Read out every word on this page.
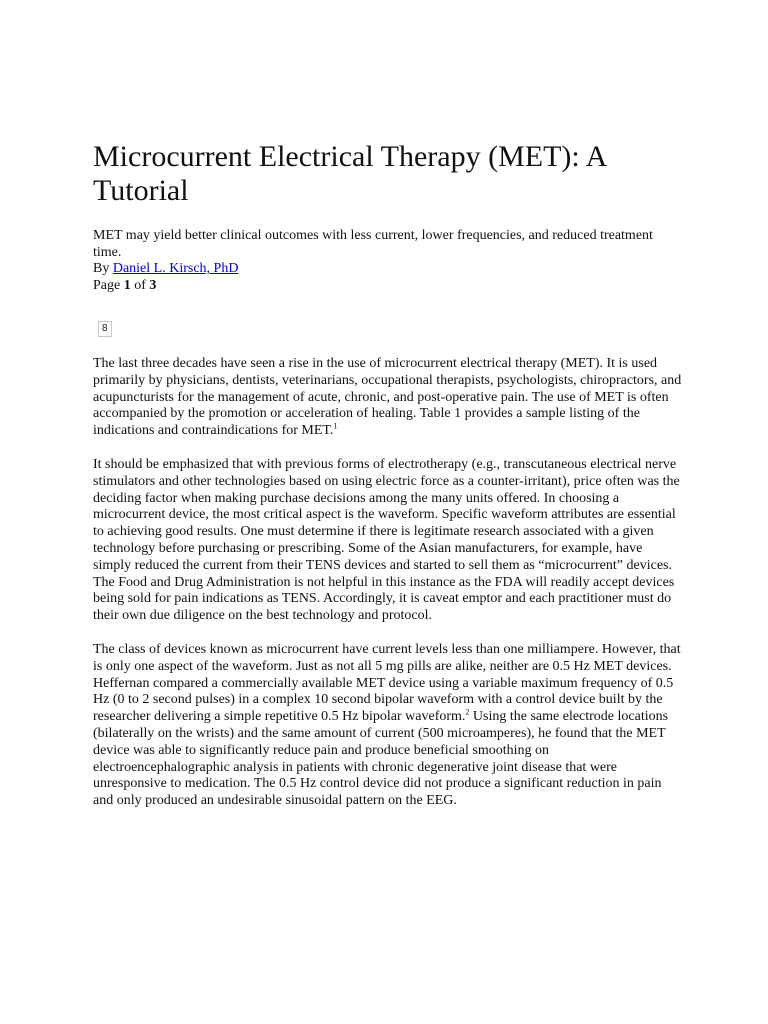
Microcurrent Electrical Therapy (MET): A Tutorial

MET may yield better clinical outcomes with less current, lower frequencies, and reduced treatment time.

By Daniel L. Kirsch, PhD

Page 1 of 3

8

The last three decades have seen a rise in the use of microcurrent electrical therapy (MET). It is used primarily by physicians, dentists, veterinarians, occupational therapists, psychologists, chiropractors, and acupuncturists for the management of acute, chronic, and post-operative pain. The use of MET is often accompanied by the promotion or acceleration of healing. Table 1 provides a sample listing of the indications and contraindications for MET.$^1$

It should be emphasized that with previous forms of electrotherapy (e.g., transcutaneous electrical nerve stimulators and other technologies based on using electric force as a counter-irritant), price often was the deciding factor when making purchase decisions among the many units offered. In choosing a microcurrent device, the most critical aspect is the waveform. Specific waveform attributes are essential to achieving good results. One must determine if there is legitimate research associated with a given technology before purchasing or prescribing. Some of the Asian manufacturers, for example, have simply reduced the current from their TENS devices and started to sell them as “microcurrent” devices. The Food and Drug Administration is not helpful in this instance as the FDA will readily accept devices being sold for pain indications as TENS. Accordingly, it is caveat emptor and each practitioner must do their own due diligence on the best technology and protocol.

The class of devices known as microcurrent have current levels less than one milliampere. However, that is only one aspect of the waveform. Just as not all 5 mg pills are alike, neither are 0.5 Hz MET devices. Heffernan compared a commercially available MET device using a variable maximum frequency of 0.5 Hz (0 to 2 second pulses) in a complex 10 second bipolar waveform with a control device built by the researcher delivering a simple repetitive 0.5 Hz bipolar waveform.$^2$ Using the same electrode locations (bilaterally on the wrists) and the same amount of current (500 microamperes), he found that the MET device was able to significantly reduce pain and produce beneficial smoothing on electroencephalographic analysis in patients with chronic degenerative joint disease that were unresponsive to medication. The 0.5 Hz control device did not produce a significant reduction in pain and only produced an undesirable sinusoidal pattern on the EEG.
